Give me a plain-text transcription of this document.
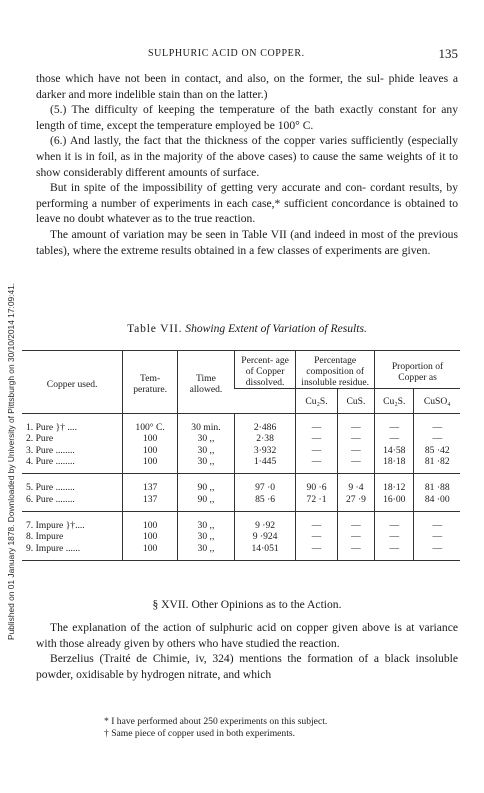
Published on 01 January 1878. Downloaded by University of Pittsburgh on 30/10/2014 17:09:41.
SULPHURIC ACID ON COPPER.	135

those which have not been in contact, and also, on the former, the sul- phide leaves a darker and more indelible stain than on the latter.)

(5.) The difficulty of keeping the temperature of the bath exactly constant for any length of time, except the temperature employed be 100° C.

(6.) And lastly, the fact that the thickness of the copper varies sufficiently (especially when it is in foil, as in the majority of the above cases) to cause the same weights of it to show considerably different amounts of surface.

But in spite of the impossibility of getting very accurate and con- cordant results, by performing a number of experiments in each case,* sufficient concordance is obtained to leave no doubt whatever as to the true reaction.

The amount of variation may be seen in Table VII (and indeed in most of the previous tables), where the extreme results obtained in a few classes of experiments are given.

Table VII. Showing Extent of Variation of Results.
Copper used.	Tem- perature.	Time allowed.	Percent- age of Copper dissolved.	Percentage composition of insoluble residue.		Proportion of Copper as	
				Cu₂S.	CuS.	Cu₂S.	CuSO₄
1. Pure }† ....	100° C.	30 min.	2·486	—	—	—	—
2. Pure	100	30 ,,	2·38	—	—	—	—
3. Pure ........	100	30 ,,	3·932	—	—	14·58	85 ·42
4. Pure ........	100	30 ,,	1·445	—	—	18·18	81 ·82
5. Pure ........	137	90 ,,	97 ·0	90 ·6	9 ·4	18·12	81 ·88
6. Pure ........	137	90 ,,	85 ·6	72 ·1	27 ·9	16·00	84 ·00
7. Impure }†....	100	30 ,,	9 ·92	—	—	—	—
8. Impure	100	30 ,,	9 ·924	—	—	—	—
9. Impure ......	100	30 ,,	14·051	—	—	—	—
§ XVII. Other Opinions as to the Action.

The explanation of the action of sulphuric acid on copper given above is at variance with those already given by others who have studied the reaction.

Berzelius (Traité de Chimie, iv, 324) mentions the formation of a black insoluble powder, oxidisable by hydrogen nitrate, and which

* I have performed about 250 experiments on this subject.

† Same piece of copper used in both experiments.
